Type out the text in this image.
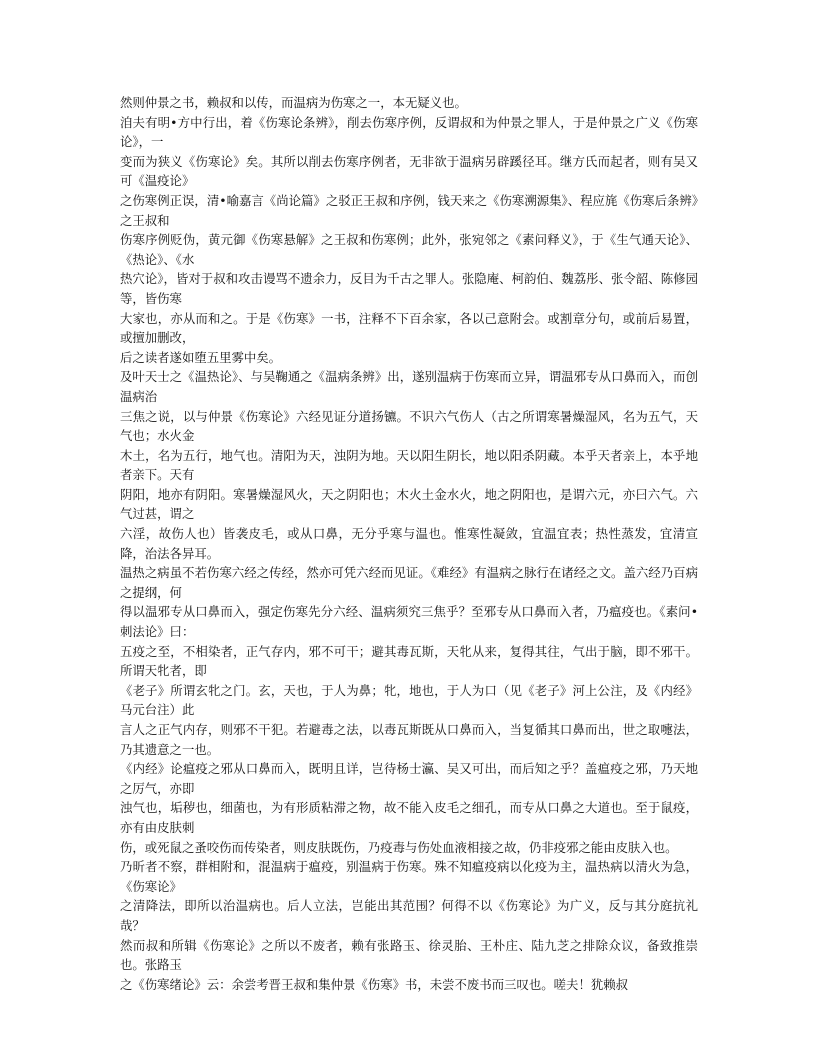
然则仲景之书，赖叔和以传，而温病为伤寒之一，本无疑义也。

洎夫有明•方中行出，着《伤寒论条辨》，削去伤寒序例，反谓叔和为仲景之罪人，于是仲景之广义《伤寒论》，一

变而为狭义《伤寒论》矣。其所以削去伤寒序例者，无非欲于温病另辟蹊径耳。继方氏而起者，则有吴又可《温疫论》

之伤寒例正误，清•喻嘉言《尚论篇》之驳正王叔和序例，钱天来之《伤寒溯源集》、程应旄《伤寒后条辨》之王叔和

伤寒序例贬伪，黄元御《伤寒悬解》之王叔和伤寒例；此外，张宛邻之《素问释义》，于《生气通天论》、《热论》、《水

热穴论》，皆对于叔和攻击谩骂不遗余力，反目为千古之罪人。张隐庵、柯韵伯、魏荔彤、张令韶、陈修园等，皆伤寒

大家也，亦从而和之。于是《伤寒》一书，注释不下百余家，各以己意附会。或割章分句，或前后易置，或擅加删改，

后之读者遂如堕五里雾中矣。

及叶天士之《温热论》、与吴鞠通之《温病条辨》出，遂别温病于伤寒而立异，谓温邪专从口鼻而入，而创温病治

三焦之说，以与仲景《伤寒论》六经见证分道扬镳。不识六气伤人（古之所谓寒暑燥湿风，名为五气，天气也；水火金

木土，名为五行，地气也。清阳为天，浊阴为地。天以阳生阴长，地以阳杀阴藏。本乎天者亲上，本乎地者亲下。天有

阴阳，地亦有阴阳。寒暑燥湿风火，天之阴阳也；木火土金水火，地之阴阳也，是谓六元，亦曰六气。六气过甚，谓之

六淫，故伤人也）皆袭皮毛，或从口鼻，无分乎寒与温也。惟寒性凝敛，宜温宜表；热性蒸发，宜清宣降，治法各异耳。

温热之病虽不若伤寒六经之传经，然亦可凭六经而见证。《难经》有温病之脉行在诸经之文。盖六经乃百病之提纲，何

得以温邪专从口鼻而入，强定伤寒先分六经、温病须究三焦乎？至邪专从口鼻而入者，乃瘟疫也。《素问•刺法论》曰：

五疫之至，不相染者，正气存内，邪不可干；避其毒瓦斯，天牝从来，复得其往，气出于脑，即不邪干。所谓天牝者，即

《老子》所谓玄牝之门。玄，天也，于人为鼻；牝，地也，于人为口（见《老子》河上公注，及《内经》马元台注）此

言人之正气内存，则邪不干犯。若避毒之法，以毒瓦斯既从口鼻而入，当复循其口鼻而出，世之取嚏法，乃其遗意之一也。

《内经》论瘟疫之邪从口鼻而入，既明且详，岂待杨士瀛、吴又可出，而后知之乎？盖瘟疫之邪，乃天地之厉气，亦即

浊气也，垢秽也，细菌也，为有形质粘滞之物，故不能入皮毛之细孔，而专从口鼻之大道也。至于鼠疫，亦有由皮肤刺

伤，或死鼠之蚤咬伤而传染者，则皮肤既伤，乃疫毒与伤处血液相接之故，仍非疫邪之能由皮肤入也。

乃昕者不察，群相附和，混温病于瘟疫，别温病于伤寒。殊不知瘟疫病以化疫为主，温热病以清火为急，《伤寒论》

之清降法，即所以治温病也。后人立法，岂能出其范围？何得不以《伤寒论》为广义，反与其分庭抗礼哉？

然而叔和所辑《伤寒论》之所以不废者，赖有张路玉、徐灵胎、王朴庄、陆九芝之排除众议，备致推崇也。张路玉

之《伤寒绪论》云：余尝考晋王叔和集仲景《伤寒》书，未尝不废书而三叹也。嗟夫！犹赖叔
